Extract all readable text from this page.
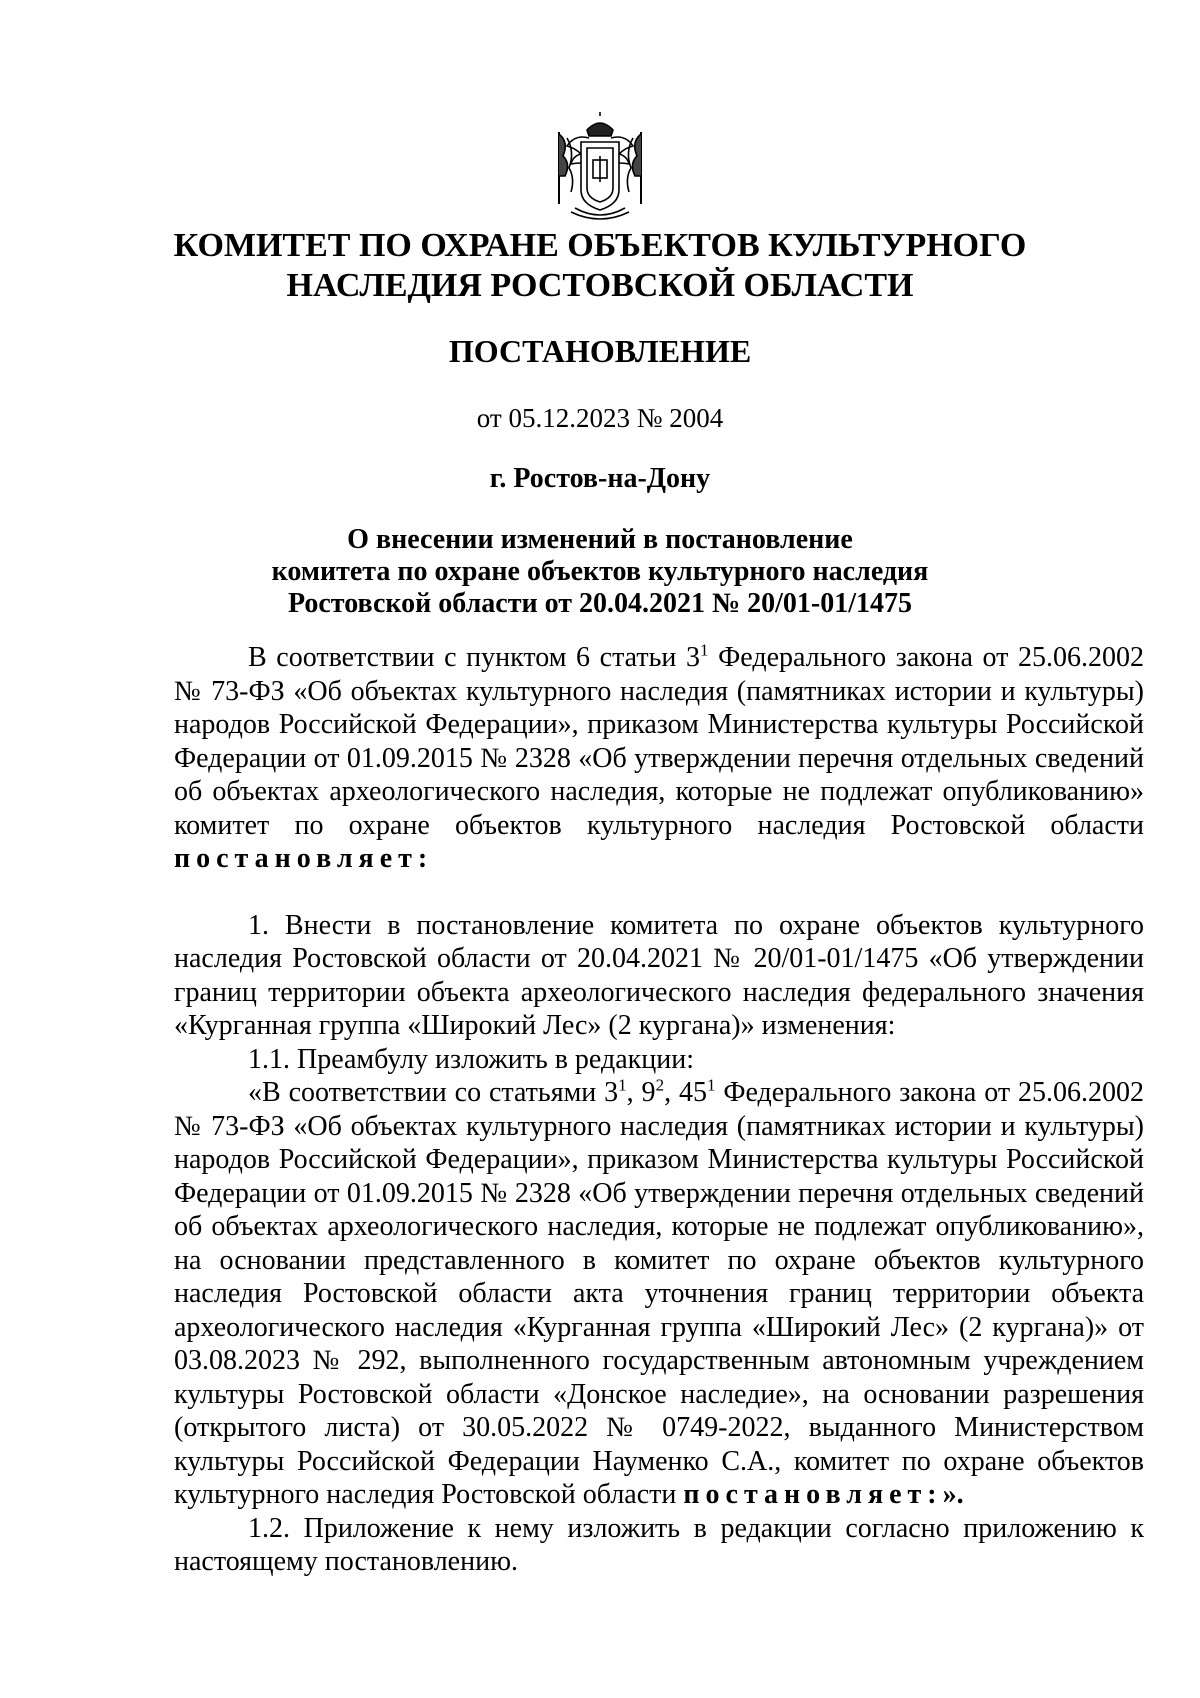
КОМИТЕТ ПО ОХРАНЕ ОБЪЕКТОВ КУЛЬТУРНОГО
НАСЛЕДИЯ РОСТОВСКОЙ ОБЛАСТИ
ПОСТАНОВЛЕНИЕ
от 05.12.2023 № 2004
г. Ростов-на-Дону
О внесении изменений в постановление
комитета по охране объектов культурного наследия
Ростовской области от 20.04.2021 № 20/01-01/1475

В соответствии с пунктом 6 статьи $3^1$ Федерального закона от 25.06.2002 № 73-ФЗ «Об объектах культурного наследия (памятниках истории и культуры) народов Российской Федерации», приказом Министерства культуры Российской Федерации от 01.09.2015 № 2328 «Об утверждении перечня отдельных сведений об объектах археологического наследия, которые не подлежат опубликованию» комитет по охране объектов культурного наследия Ростовской области постановляет:

1. Внести в постановление комитета по охране объектов культурного наследия Ростовской области от 20.04.2021 № 20/01-01/1475 «Об утверждении границ территории объекта археологического наследия федерального значения «Курганная группа «Широкий Лес» (2 кургана)» изменения:

1.1. Преамбулу изложить в редакции:

«В соответствии со статьями $3^1$, $9^2$, $45^1$ Федерального закона от 25.06.2002 № 73-ФЗ «Об объектах культурного наследия (памятниках истории и культуры) народов Российской Федерации», приказом Министерства культуры Российской Федерации от 01.09.2015 № 2328 «Об утверждении перечня отдельных сведений об объектах археологического наследия, которые не подлежат опубликованию», на основании представленного в комитет по охране объектов культурного наследия Ростовской области акта уточнения границ территории объекта археологического наследия «Курганная группа «Широкий Лес» (2 кургана)» от 03.08.2023 № 292, выполненного государственным автономным учреждением культуры Ростовской области «Донское наследие», на основании разрешения (открытого листа) от 30.05.2022 № 0749-2022, выданного Министерством культуры Российской Федерации Науменко С.А., комитет по охране объектов культурного наследия Ростовской области постановляет:».

1.2. Приложение к нему изложить в редакции согласно приложению к настоящему постановлению.
